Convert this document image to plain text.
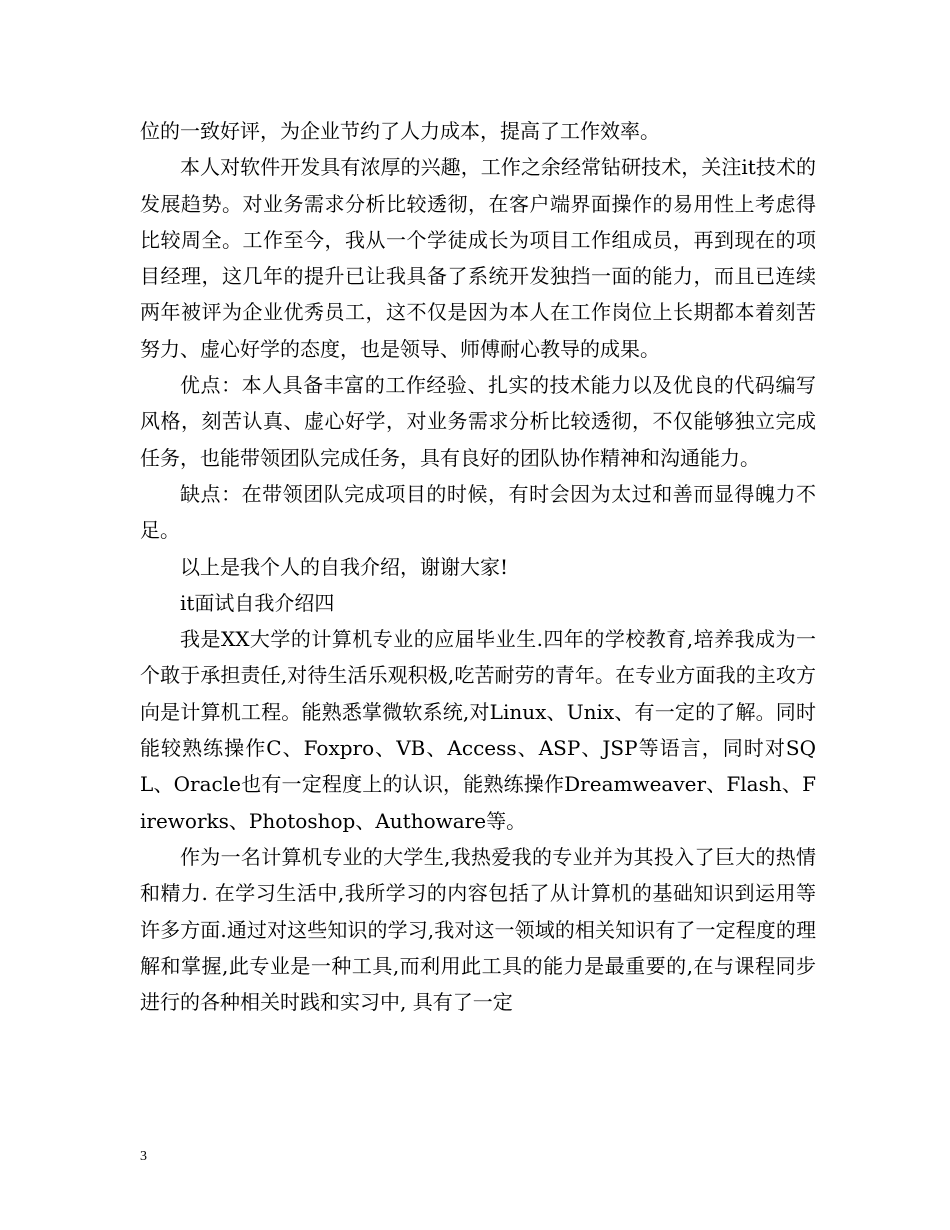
位的一致好评，为企业节约了人力成本，提高了工作效率。

本人对软件开发具有浓厚的兴趣，工作之余经常钻研技术，关注it技术的发展趋势。对业务需求分析比较透彻，在客户端界面操作的易用性上考虑得比较周全。工作至今，我从一个学徒成长为项目工作组成员，再到现在的项目经理，这几年的提升已让我具备了系统开发独挡一面的能力，而且已连续两年被评为企业优秀员工，这不仅是因为本人在工作岗位上长期都本着刻苦努力、虚心好学的态度，也是领导、师傅耐心教导的成果。

优点：本人具备丰富的工作经验、扎实的技术能力以及优良的代码编写风格，刻苦认真、虚心好学，对业务需求分析比较透彻，不仅能够独立完成任务，也能带领团队完成任务，具有良好的团队协作精神和沟通能力。

缺点：在带领团队完成项目的时候，有时会因为太过和善而显得魄力不足。

以上是我个人的自我介绍，谢谢大家!

it面试自我介绍四

我是XX大学的计算机专业的应届毕业生.四年的学校教育,培养我成为一个敢于承担责任,对待生活乐观积极,吃苦耐劳的青年。在专业方面我的主攻方向是计算机工程。能熟悉掌微软系统,对Linux、Unix、有一定的了解。同时能较熟练操作C、Foxpro、VB、Access、ASP、JSP等语言，同时对SQL、Oracle也有一定程度上的认识，能熟练操作Dreamweaver、Flash、Fireworks、Photoshop、Authoware等。

作为一名计算机专业的大学生,我热爱我的专业并为其投入了巨大的热情和精力. 在学习生活中,我所学习的内容包括了从计算机的基础知识到运用等许多方面.通过对这些知识的学习,我对这一领域的相关知识有了一定程度的理解和掌握,此专业是一种工具,而利用此工具的能力是最重要的,在与课程同步进行的各种相关时践和实习中, 具有了一定

3
